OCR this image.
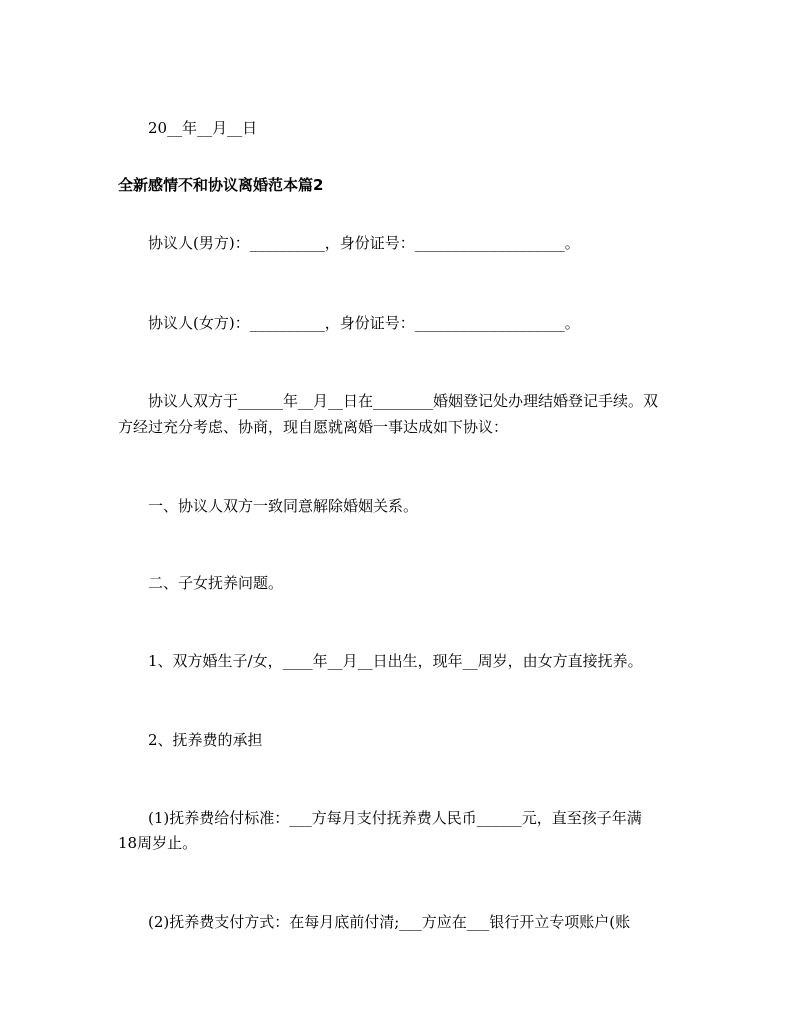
20__年__月__日
全新感情不和协议离婚范本篇2
协议人(男方)：__________，身份证号：____________________。
协议人(女方)：__________，身份证号：____________________。
协议人双方于______年__月__日在________婚姻登记处办理结婚登记手续。双
方经过充分考虑、协商，现自愿就离婚一事达成如下协议：
一、协议人双方一致同意解除婚姻关系。
二、子女抚养问题。
1、双方婚生子/女，____年__月__日出生，现年__周岁，由女方直接抚养。
2、抚养费的承担
(1)抚养费给付标准：___方每月支付抚养费人民币______元，直至孩子年满
18周岁止。
(2)抚养费支付方式：在每月底前付清;___方应在___银行开立专项账户(账
